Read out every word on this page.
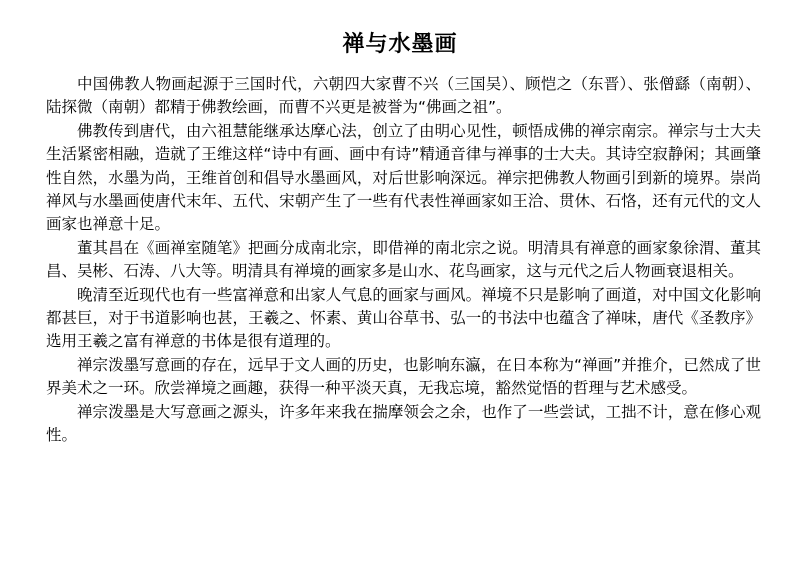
禅与水墨画

中国佛教人物画起源于三国时代，六朝四大家曹不兴（三国吴）、顾恺之（东晋）、张僧繇（南朝）、陆探微（南朝）都精于佛教绘画，而曹不兴更是被誉为“佛画之祖”。

佛教传到唐代，由六祖慧能继承达摩心法，创立了由明心见性，顿悟成佛的禅宗南宗。禅宗与士大夫生活紧密相融，造就了王维这样“诗中有画、画中有诗”精通音律与禅事的士大夫。其诗空寂静闲；其画肇性自然，水墨为尚，王维首创和倡导水墨画风，对后世影响深远。禅宗把佛教人物画引到新的境界。崇尚禅风与水墨画使唐代末年、五代、宋朝产生了一些有代表性禅画家如王洽、贯休、石恪，还有元代的文人画家也禅意十足。

董其昌在《画禅室随笔》把画分成南北宗，即借禅的南北宗之说。明清具有禅意的画家象徐渭、董其昌、吴彬、石涛、八大等。明清具有禅境的画家多是山水、花鸟画家，这与元代之后人物画衰退相关。

晚清至近现代也有一些富禅意和出家人气息的画家与画风。禅境不只是影响了画道，对中国文化影响都甚巨，对于书道影响也甚，王羲之、怀素、黄山谷草书、弘一的书法中也蕴含了禅味，唐代《圣教序》选用王羲之富有禅意的书体是很有道理的。

禅宗泼墨写意画的存在，远早于文人画的历史，也影响东瀛，在日本称为“禅画”并推介，已然成了世界美术之一环。欣尝禅境之画趣，获得一种平淡天真，无我忘境，豁然觉悟的哲理与艺术感受。

禅宗泼墨是大写意画之源头，许多年来我在揣摩领会之余，也作了一些尝试，工拙不计，意在修心观性。
